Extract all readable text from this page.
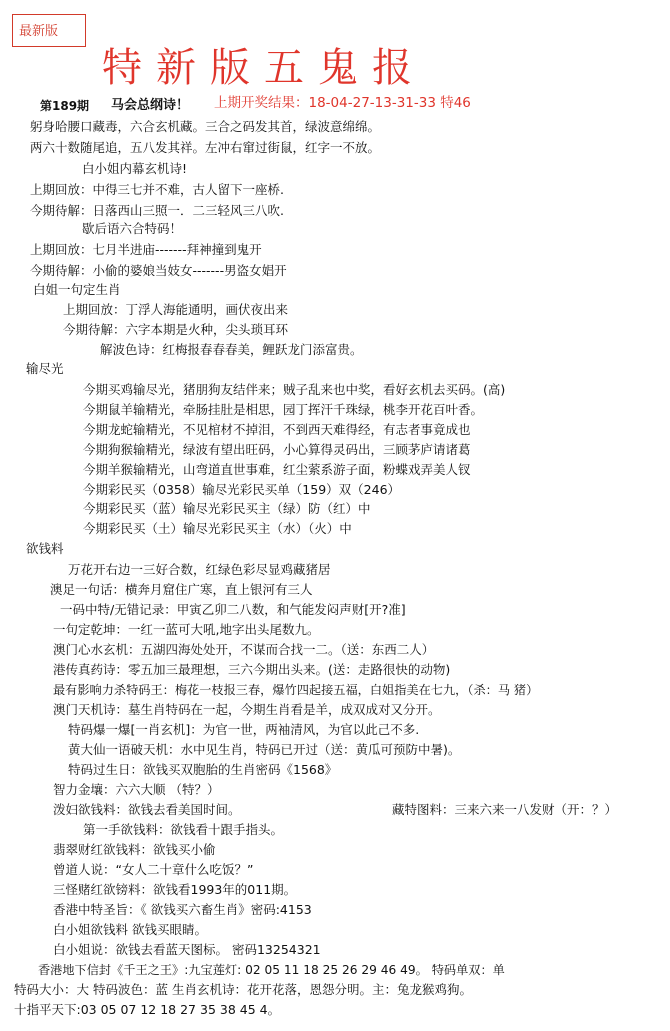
最新版
特新版五鬼报
第189期 马会总纲诗！ 上期开奖结果：18-04-27-13-31-33 特46
躬身哈腰口藏毒，六合玄机藏。三合之码发其首，绿波意绵绵。
两六十数随尾追，五八发其祥。左冲右窜过街鼠，红字一不放。
白小姐内幕玄机诗!
上期回放：中得三七并不难，古人留下一座桥.
今期待解：日落西山三照一．二三轻风三八吹.
歇后语六合特码！
上期回放：七月半进庙-------拜神撞到鬼开
今期待解：小偷的婆娘当妓女-------男盗女娼开
白姐一句定生肖
上期回放：丁浮人海能通明，画伏夜出来
今期待解：六字本期是火种，尖头琐耳环
解波色诗：红梅报春春春美，鲤跃龙门添富贵。
输尽光
今期买鸡输尽光，猪朋狗友结伴来；贼子乱来也中奖，看好玄机去买码。(高)
今期鼠羊输精光，牵肠挂肚是相思，园丁挥汗千珠绿，桃李开花百叶香。
今期龙蛇输精光，不见棺材不掉泪，不到西天难得经，有志者事竟成也
今期狗猴输精光，绿波有望出旺码，小心算得灵码出，三顾茅庐请诸葛
今期羊猴输精光，山弯道直世事难，红尘萦系游子面，粉蝶戏弄美人钗
今期彩民买（0358）输尽光彩民买单（159）双（246）
今期彩民买（蓝）输尽光彩民买主（绿）防（红）中
今期彩民买（土）输尽光彩民买主（水）（火）中
欲钱料
万花开右边一三好合数，红绿色彩尽显鸡藏猪居
澳足一句话：横奔月窟住广寒，直上银河有三人
一码中特/无错记录：甲寅乙卯二八数，和气能发闷声财[开?准]
一句定乾坤：一红一蓝可大吼,地字出头尾数九。
澳门心水玄机：五湖四海处处开，不谋而合找一二。（送：东西二人）
港传真药诗：零五加三最理想，三六今期出头来。(送：走路很快的动物)
最有影响力杀特码王：梅花一枝报三春，爆竹四起接五福，白姐指美在七九，（杀：马 猪）
澳门天机诗：墓生肖特码在一起，今期生肖看是羊，成双成对又分开。
特码爆一爆[一肖玄机]：为官一世，两袖清风，为官以此己不多.
黄大仙一语破天机：水中见生肖，特码已开过（送：黄瓜可预防中暑)。
特码过生日：欲钱买双胞胎的生肖密码《1568》
智力金壤：六六大顺 （特？）
泼妇欲钱料：欲钱去看美国时间。	藏特图料：三来六来一八发财（开：？）
第一手欲钱料：欲钱看十跟手指头。
翡翠财红欲钱料：欲钱买小偷
曾道人说：“女人二十章什么吃饭？”
三怪赌红欲镑料：欲钱看1993年的011期。
香港中特圣旨：《 欲钱买六畜生肖》密码:4153
白小姐欲钱料 欲钱买眼睛。
白小姐说：欲钱去看蓝天图标。 密码13254321
香港地下信封《千王之王》:九宝莲灯: 02 05 11 18 25 26 29 46 49。 特码单双：单
特码大小：大 特码波色：蓝 生肖玄机诗：花开花落，恩怨分明。主：兔龙猴鸡狗。
十指平天下:03 05 07 12 18 27 35 38 45 4。
